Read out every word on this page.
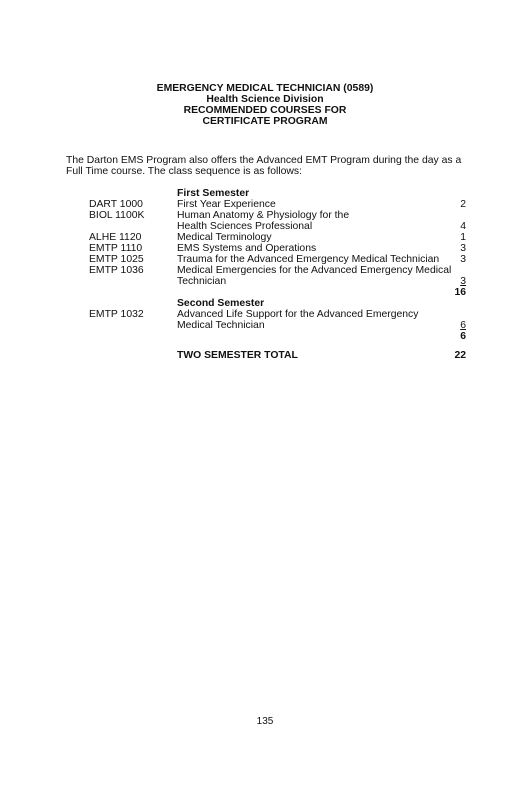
EMERGENCY MEDICAL TECHNICIAN (0589)
Health Science Division
RECOMMENDED COURSES FOR
CERTIFICATE PROGRAM
The Darton EMS Program also offers the Advanced EMT Program during the day as a Full Time course. The class sequence is as follows:
First Semester
DART 1000	First Year Experience	2
BIOL 1100K	Human Anatomy & Physiology for the
Health Sciences Professional	4
ALHE 1120	Medical Terminology	1
EMTP 1110	EMS Systems and Operations	3
EMTP 1025	Trauma for the Advanced Emergency Medical Technician 3
EMTP 1036	Medical Emergencies for the Advanced Emergency Medical
Technician	3
16
Second Semester
EMTP 1032	Advanced Life Support for the Advanced Emergency
Medical Technician	6
6
TWO SEMESTER TOTAL	22
135
